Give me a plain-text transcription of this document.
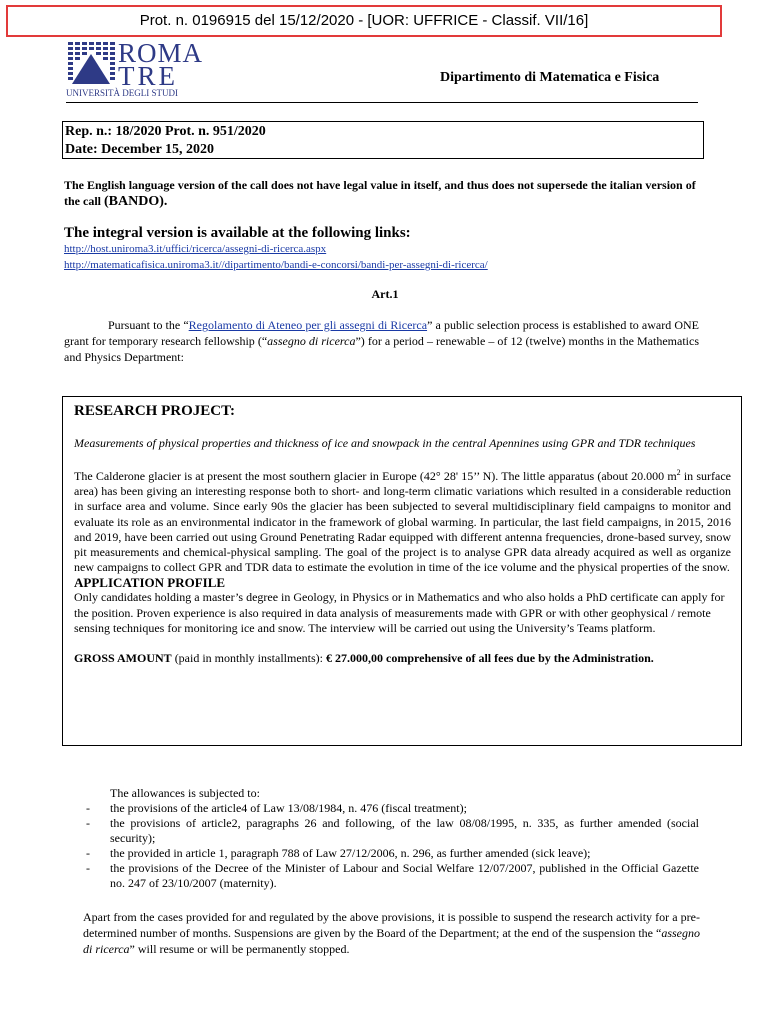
Prot. n. 0196915 del 15/12/2020 - [UOR: UFFRICE - Classif. VII/16]
ROMA
TRE
UNIVERSITÀ DEGLI STUDI
Dipartimento di Matematica e Fisica
Rep. n.: 18/2020 Prot. n. 951/2020
Date: December 15, 2020
The English language version of the call does not have legal value in itself, and thus does not supersede the italian version of the call (BANDO).
The integral version is available at the following links:
http://host.uniroma3.it/uffici/ricerca/assegni-di-ricerca.aspx
http://matematicafisica.uniroma3.it//dipartimento/bandi-e-concorsi/bandi-per-assegni-di-ricerca/
Art.1
Pursuant to the “Regolamento di Ateneo per gli assegni di Ricerca” a public selection process is established to award ONE grant for temporary research fellowship (“assegno di ricerca”) for a period – renewable – of 12 (twelve) months in the Mathematics and Physics Department:
RESEARCH PROJECT:
Measurements of physical properties and thickness of ice and snowpack in the central Apennines using GPR and TDR techniques
The Calderone glacier is at present the most southern glacier in Europe (42° 28' 15’’ N). The little apparatus (about 20.000 $m^2$ in surface area) has been giving an interesting response both to short- and long-term climatic variations which resulted in a considerable reduction in surface area and volume. Since early 90s the glacier has been subjected to several multidisciplinary field campaigns to monitor and evaluate its role as an environmental indicator in the framework of global warming. In particular, the last field campaigns, in 2015, 2016 and 2019, have been carried out using Ground Penetrating Radar equipped with different antenna frequencies, drone-based survey, snow pit measurements and chemical-physical sampling. The goal of the project is to analyse GPR data already acquired as well as organize new campaigns to collect GPR and TDR data to estimate the evolution in time of the ice volume and the physical properties of the snow.
APPLICATION PROFILE
Only candidates holding a master’s degree in Geology, in Physics or in Mathematics and who also holds a PhD certificate can apply for the position. Proven experience is also required in data analysis of measurements made with GPR or with other geophysical / remote sensing techniques for monitoring ice and snow. The interview will be carried out using the University’s Teams platform.
GROSS AMOUNT (paid in monthly installments): € 27.000,00 comprehensive of all fees due by the Administration.
The allowances is subjected to:
- the provisions of the article4 of Law 13/08/1984, n. 476 (fiscal treatment);
- the provisions of article2, paragraphs 26 and following, of the law 08/08/1995, n. 335, as further amended (social security);
- the provided in article 1, paragraph 788 of Law 27/12/2006, n. 296, as further amended (sick leave);
- the provisions of the Decree of the Minister of Labour and Social Welfare 12/07/2007, published in the Official Gazette no. 247 of 23/10/2007 (maternity).
Apart from the cases provided for and regulated by the above provisions, it is possible to suspend the research activity for a pre-determined number of months. Suspensions are given by the Board of the Department; at the end of the suspension the “assegno di ricerca” will resume or will be permanently stopped.
